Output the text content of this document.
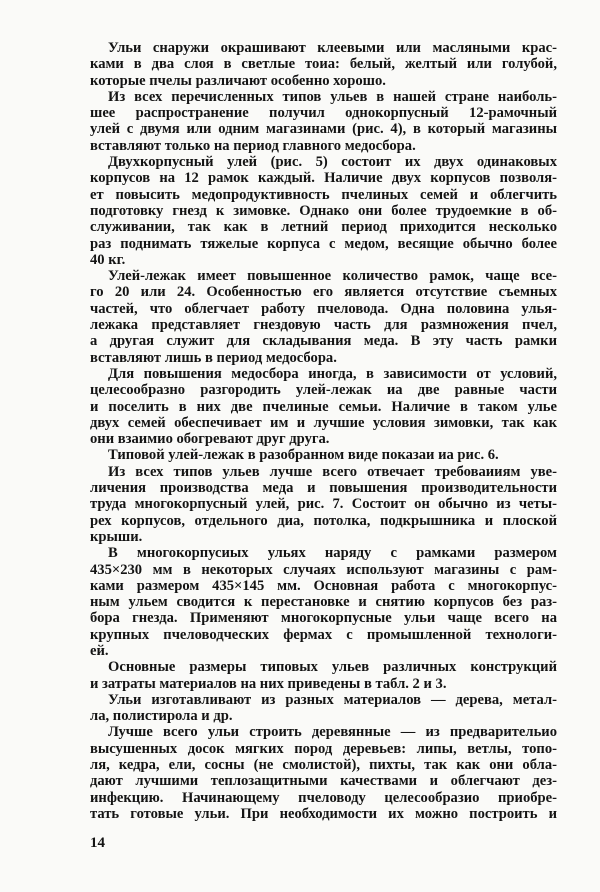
Ульи снаружи окрашивают клеевыми или масляными крас-
ками в два слоя в светлые тоиа: белый, желтый или голубой,
которые пчелы различают особенно хорошо.
Из всех перечисленных типов ульев в нашей стране наиболь-
шее распространение получил однокорпусный 12-рамочный
улей с двумя или одним магазинами (рис. 4), в который магазины
вставляют только на период главного медосбора.
Двухкорпусный улей (рис. 5) состоит их двух одинаковых
корпусов на 12 рамок каждый. Наличие двух корпусов позволя-
ет повысить медопродуктивность пчелиных семей и облегчить
подготовку гнезд к зимовке. Однако они более трудоемкие в об-
служивании, так как в летний период приходится несколько
раз поднимать тяжелые корпуса с медом, весящие обычно более
40 кг.
Улей-лежак имеет повышенное количество рамок, чаще все-
го 20 или 24. Особенностью его является отсутствие съемных
частей, что облегчает работу пчеловода. Одна половина улья-
лежака представляет гнездовую часть для размножения пчел,
а другая служит для складывания меда. В эту часть рамки
вставляют лишь в период медосбора.
Для повышения медосбора иногда, в зависимости от условий,
целесообразно разгородить улей-лежак иа две равные части
и поселить в них две пчелиные семьи. Наличие в таком улье
двух семей обеспечивает им и лучшие условия зимовки, так как
они взаимио обогревают друг друга.
Типовой улей-лежак в разобранном виде показаи иа рис. 6.
Из всех типов ульев лучше всего отвечает требоваииям уве-
личения производства меда и повышения производительности
труда многокорпусный улей, рис. 7. Состоит он обычно из четы-
рех корпусов, отдельного диа, потолка, подкрышника и плоской
крыши.
В многокорпусиых ульях наряду с рамками размером
435×230 мм в некоторых случаях используют магазины с рам-
ками размером 435×145 мм. Основная работа с многокорпус-
ным ульем сводится к перестановке и снятию корпусов без раз-
бора гнезда. Применяют многокорпусные ульи чаще всего на
крупных пчеловодческих фермах с промышленной технологи-
ей.
Основные размеры типовых ульев различных конструкций
и затраты материалов на них приведены в табл. 2 и 3.
Ульи изготавливают из разных материалов — дерева, метал-
ла, полистирола и др.
Лучше всего ульи строить деревянные — из предварительио
высушенных досок мягких пород деревьев: липы, ветлы, топо-
ля, кедра, ели, сосны (не смолистой), пихты, так как они обла-
дают лучшими теплозащитными качествами и облегчают дез-
инфекцию. Начинающему пчеловоду целесообразио приобре-
тать готовые ульи. При необходимости их можно построить и
14
